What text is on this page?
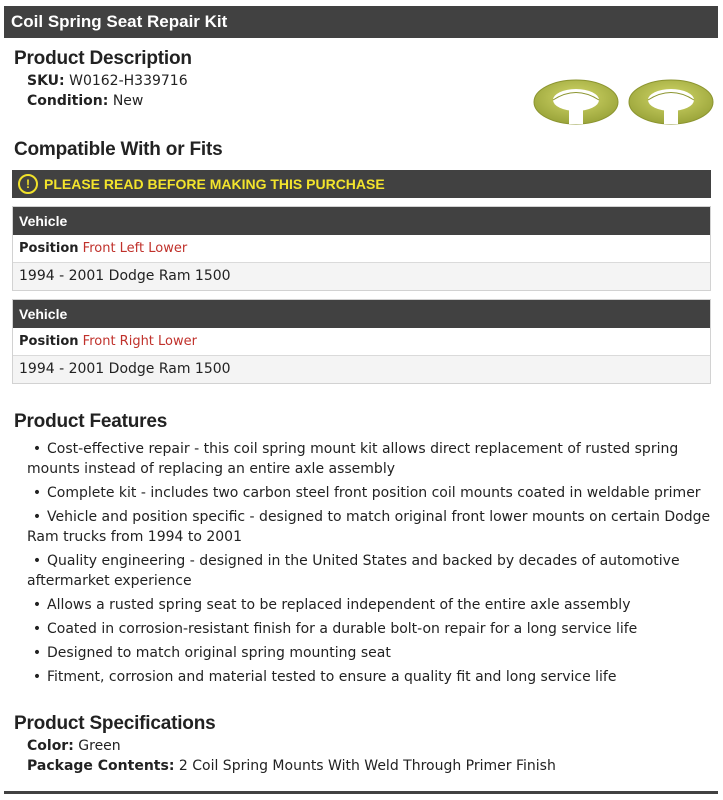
Coil Spring Seat Repair Kit
Product Description
SKU: W0162-H339716
Condition: New
Compatible With or Fits
!	PLEASE READ BEFORE MAKING THIS PURCHASE
Vehicle
Position Front Left Lower
1994 - 2001 Dodge Ram 1500
Vehicle
Position Front Right Lower
1994 - 2001 Dodge Ram 1500
Product Features
• Cost-effective repair - this coil spring mount kit allows direct replacement of rusted spring mounts instead of replacing an entire axle assembly
• Complete kit - includes two carbon steel front position coil mounts coated in weldable primer
• Vehicle and position specific - designed to match original front lower mounts on certain Dodge Ram trucks from 1994 to 2001
• Quality engineering - designed in the United States and backed by decades of automotive aftermarket experience
• Allows a rusted spring seat to be replaced independent of the entire axle assembly
• Coated in corrosion-resistant finish for a durable bolt-on repair for a long service life
• Designed to match original spring mounting seat
• Fitment, corrosion and material tested to ensure a quality fit and long service life
Product Specifications
Color: Green
Package Contents: 2 Coil Spring Mounts With Weld Through Primer Finish
